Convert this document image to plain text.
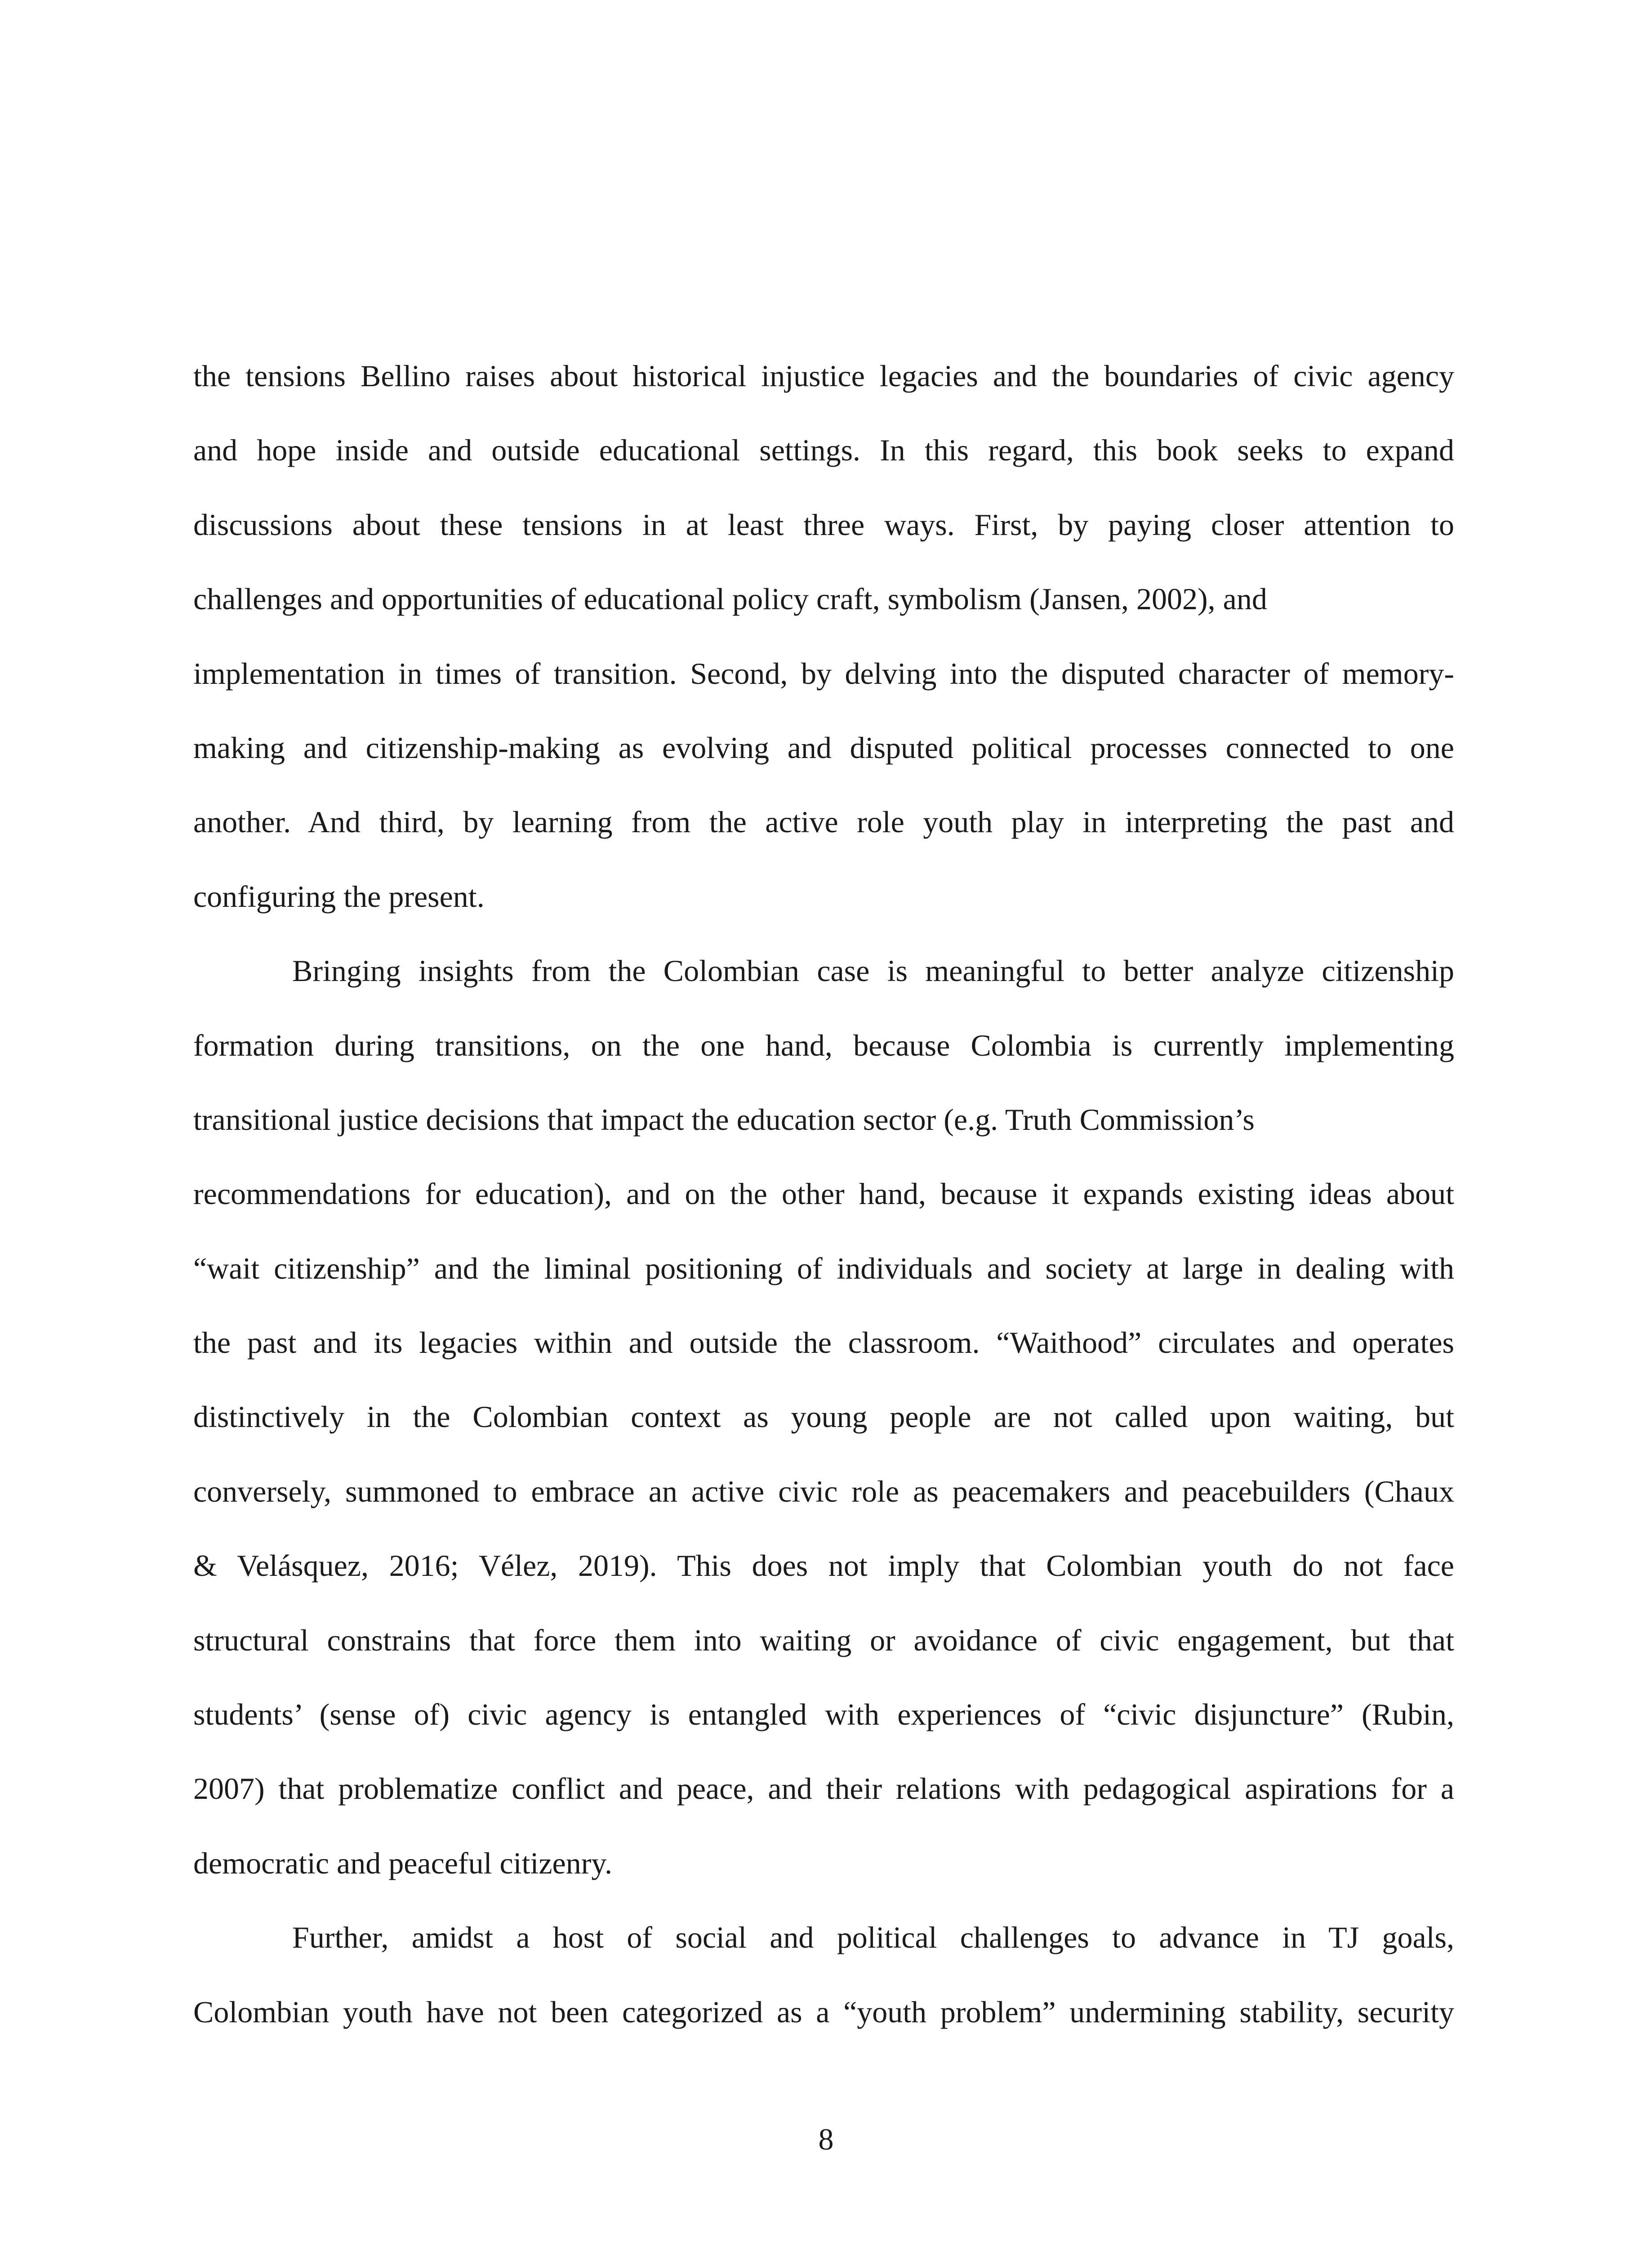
the tensions Bellino raises about historical injustice legacies and the boundaries of civic agency
and hope inside and outside educational settings. In this regard, this book seeks to expand
discussions about these tensions in at least three ways. First, by paying closer attention to
challenges and opportunities of educational policy craft, symbolism (Jansen, 2002), and
implementation in times of transition. Second, by delving into the disputed character of memory-
making and citizenship-making as evolving and disputed political processes connected to one
another. And third, by learning from the active role youth play in interpreting the past and
configuring the present.
Bringing insights from the Colombian case is meaningful to better analyze citizenship
formation during transitions, on the one hand, because Colombia is currently implementing
transitional justice decisions that impact the education sector (e.g. Truth Commission’s
recommendations for education), and on the other hand, because it expands existing ideas about
“wait citizenship” and the liminal positioning of individuals and society at large in dealing with
the past and its legacies within and outside the classroom. “Waithood” circulates and operates
distinctively in the Colombian context as young people are not called upon waiting, but
conversely, summoned to embrace an active civic role as peacemakers and peacebuilders (Chaux
& Velásquez, 2016; Vélez, 2019). This does not imply that Colombian youth do not face
structural constrains that force them into waiting or avoidance of civic engagement, but that
students’ (sense of) civic agency is entangled with experiences of “civic disjuncture” (Rubin,
2007) that problematize conflict and peace, and their relations with pedagogical aspirations for a
democratic and peaceful citizenry.
Further, amidst a host of social and political challenges to advance in TJ goals,
Colombian youth have not been categorized as a “youth problem” undermining stability, security
8
